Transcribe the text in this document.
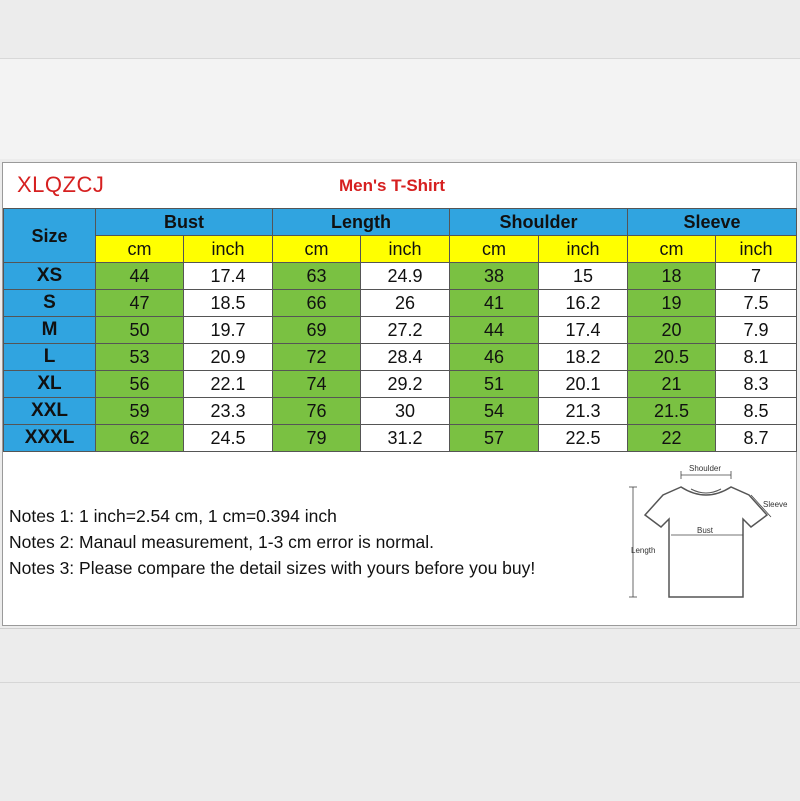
XLQZCJ	Men's T-Shirt
Size	Bust		Length		Shoulder		Sleeve	
	cm	inch	cm	inch	cm	inch	cm	inch
XS	44	17.4	63	24.9	38	15	18	7
S	47	18.5	66	26	41	16.2	19	7.5
M	50	19.7	69	27.2	44	17.4	20	7.9
L	53	20.9	72	28.4	46	18.2	20.5	8.1
XL	56	22.1	74	29.2	51	20.1	21	8.3
XXL	59	23.3	76	30	54	21.3	21.5	8.5
XXXL	62	24.5	79	31.2	57	22.5	22	8.7
Notes 1: 1 inch=2.54 cm, 1 cm=0.394 inch
Notes 2: Manaul measurement, 1-3 cm error is normal.
Notes 3: Please compare the detail sizes with yours before you buy!
Shoulder
Sleeve
Bust
Length
